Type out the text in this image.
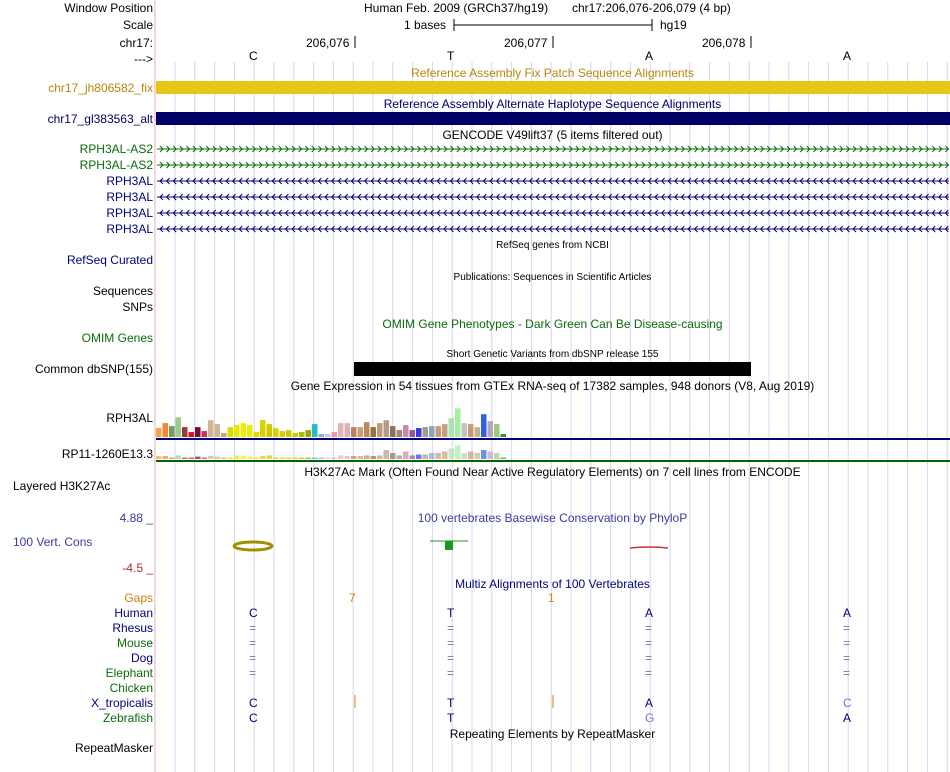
Window Position	Human Feb. 2009 (GRCh37/hg19) chr17:206,076-206,079 (4 bp)
Scale	1 bases	hg19
chr17:	206,076	206,077	206,078
--->	C	T	A	A
Reference Assembly Fix Patch Sequence Alignments
chr17_jh806582_fix
Reference Assembly Alternate Haplotype Sequence Alignments
chr17_gl383563_alt
GENCODE V49lift37 (5 items filtered out)
RPH3AL-AS2
RPH3AL-AS2
RPH3AL
RPH3AL
RPH3AL
RPH3AL
RefSeq genes from NCBI
RefSeq Curated
Publications: Sequences in Scientific Articles
Sequences
SNPs
OMIM Gene Phenotypes - Dark Green Can Be Disease-causing
OMIM Genes
Short Genetic Variants from dbSNP release 155
Common dbSNP(155)
Gene Expression in 54 tissues from GTEx RNA-seq of 17382 samples, 948 donors (V8, Aug 2019)
RPH3AL
RP11-1260E13.3
H3K27Ac Mark (Often Found Near Active Regulatory Elements) on 7 cell lines from ENCODE
Layered H3K27Ac
4.88 _	100 vertebrates Basewise Conservation by PhyloP
100 Vert. Cons
-4.5 _
Multiz Alignments of 100 Vertebrates
Gaps	7	1
Human	C	T	A	A
Rhesus	=	=	=	=
Mouse	=	=	=	=
Dog	=	=	=	=
Elephant	=	=	=	=
Chicken
X_tropicalis	C	T	A	C
Zebrafish	C	T	G	A
Repeating Elements by RepeatMasker
RepeatMasker
